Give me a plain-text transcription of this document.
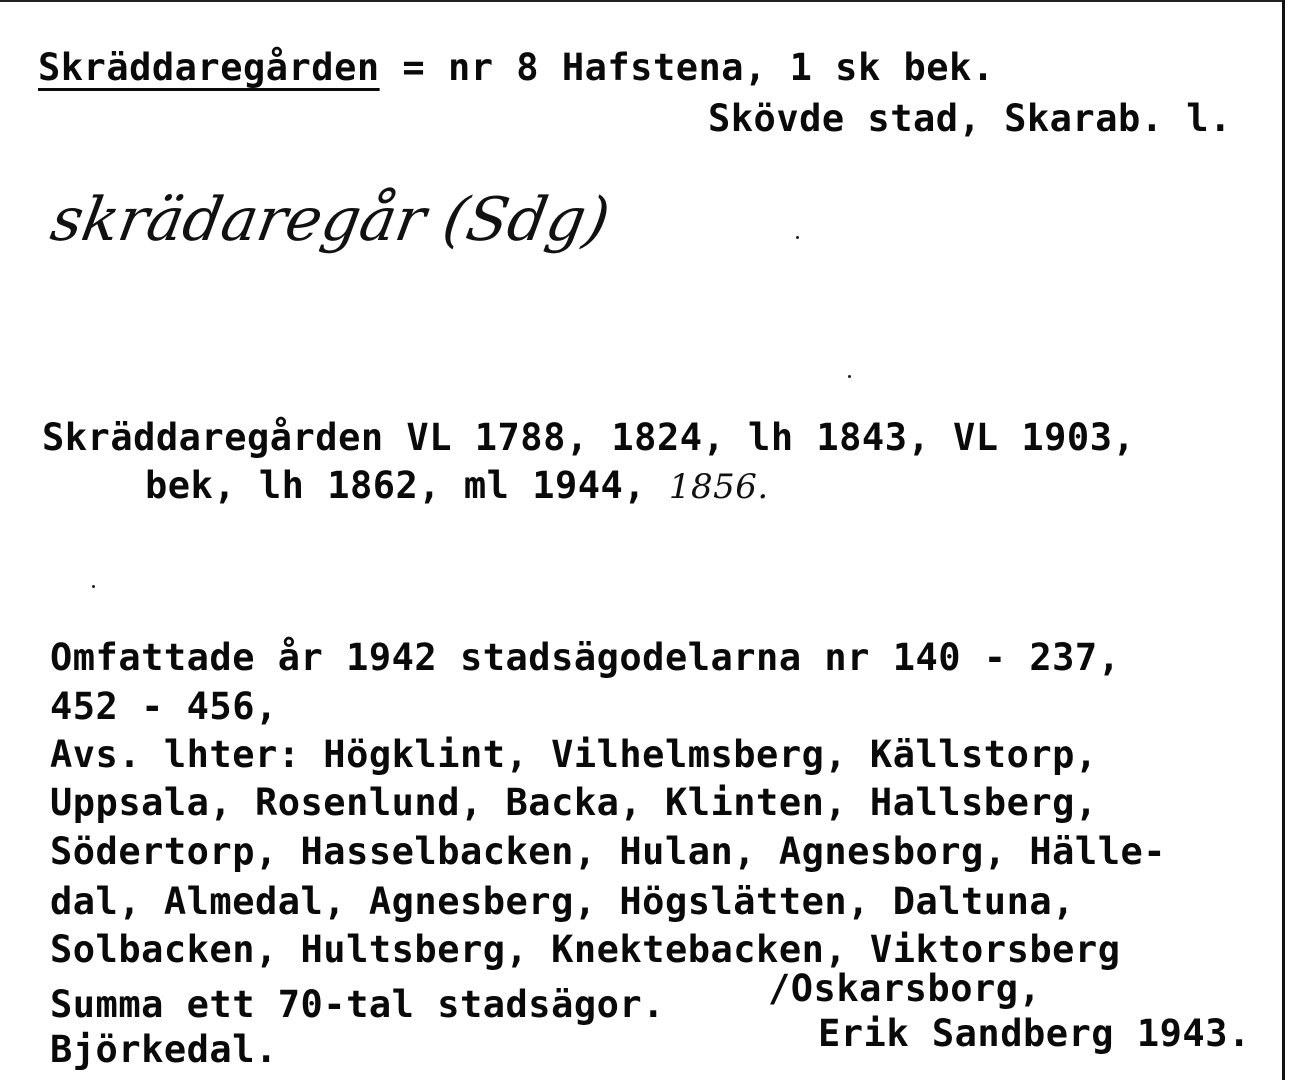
Skräddaregården = nr 8 Hafstena, 1 sk bek.
Skövde stad, Skarab. l.
skrädaregår (Sdg)
Skräddaregården VL 1788, 1824, lh 1843, VL 1903,
bek, lh 1862, ml 1944, 1856.
Omfattade år 1942 stadsägodelarna nr 140 - 237,
452 - 456,
Avs. lhter: Högklint, Vilhelmsberg, Källstorp,
Uppsala, Rosenlund, Backa, Klinten, Hallsberg,
Södertorp, Hasselbacken, Hulan, Agnesborg, Hälle-
dal, Almedal, Agnesberg, Högslätten, Daltuna,
Solbacken, Hultsberg, Knektebacken, Viktorsberg
Summa ett 70-tal stadsägor.	/Oskarsborg,
Erik Sandberg 1943.
Björkedal.
